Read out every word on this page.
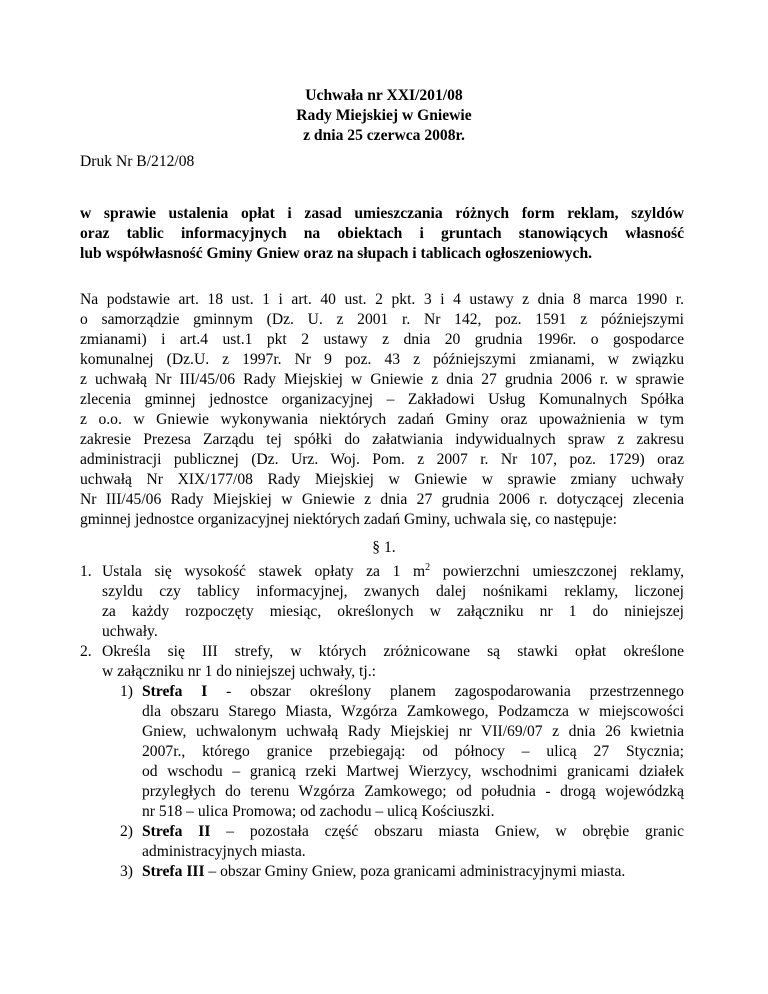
Uchwała nr XXI/201/08
Rady Miejskiej w Gniewie
z dnia 25 czerwca 2008r.
Druk Nr B/212/08
w sprawie ustalenia opłat i zasad umieszczania różnych form reklam, szyldów
oraz tablic informacyjnych na obiektach i gruntach stanowiących własność
lub współwłasność Gminy Gniew oraz na słupach i tablicach ogłoszeniowych.
Na podstawie art. 18 ust. 1 i art. 40 ust. 2 pkt. 3 i 4 ustawy z dnia 8 marca 1990 r.
o samorządzie gminnym (Dz. U. z 2001 r. Nr 142, poz. 1591 z późniejszymi
zmianami) i art.4 ust.1 pkt 2 ustawy z dnia 20 grudnia 1996r. o gospodarce
komunalnej (Dz.U. z 1997r. Nr 9 poz. 43 z późniejszymi zmianami, w związku
z uchwałą Nr III/45/06 Rady Miejskiej w Gniewie z dnia 27 grudnia 2006 r. w sprawie
zlecenia gminnej jednostce organizacyjnej – Zakładowi Usług Komunalnych Spółka
z o.o. w Gniewie wykonywania niektórych zadań Gminy oraz upoważnienia w tym
zakresie Prezesa Zarządu tej spółki do załatwiania indywidualnych spraw z zakresu
administracji publicznej (Dz. Urz. Woj. Pom. z 2007 r. Nr 107, poz. 1729) oraz
uchwałą Nr XIX/177/08 Rady Miejskiej w Gniewie w sprawie zmiany uchwały
Nr III/45/06 Rady Miejskiej w Gniewie z dnia 27 grudnia 2006 r. dotyczącej zlecenia
gminnej jednostce organizacyjnej niektórych zadań Gminy, uchwala się, co następuje:
§ 1.
1. Ustala się wysokość stawek opłaty za 1 $m^2$ powierzchni umieszczonej reklamy,
szyldu czy tablicy informacyjnej, zwanych dalej nośnikami reklamy, liczonej
za każdy rozpoczęty miesiąc, określonych w załączniku nr 1 do niniejszej
uchwały.
2. Określa się III strefy, w których zróżnicowane są stawki opłat określone
w załączniku nr 1 do niniejszej uchwały, tj.:
1) Strefa I - obszar określony planem zagospodarowania przestrzennego
dla obszaru Starego Miasta, Wzgórza Zamkowego, Podzamcza w miejscowości
Gniew, uchwalonym uchwałą Rady Miejskiej nr VII/69/07 z dnia 26 kwietnia
2007r., którego granice przebiegają: od północy – ulicą 27 Stycznia;
od wschodu – granicą rzeki Martwej Wierzycy, wschodnimi granicami działek
przyległych do terenu Wzgórza Zamkowego; od południa - drogą wojewódzką
nr 518 – ulica Promowa; od zachodu – ulicą Kościuszki.
2) Strefa II – pozostała część obszaru miasta Gniew, w obrębie granic
administracyjnych miasta.
3) Strefa III – obszar Gminy Gniew, poza granicami administracyjnymi miasta.
